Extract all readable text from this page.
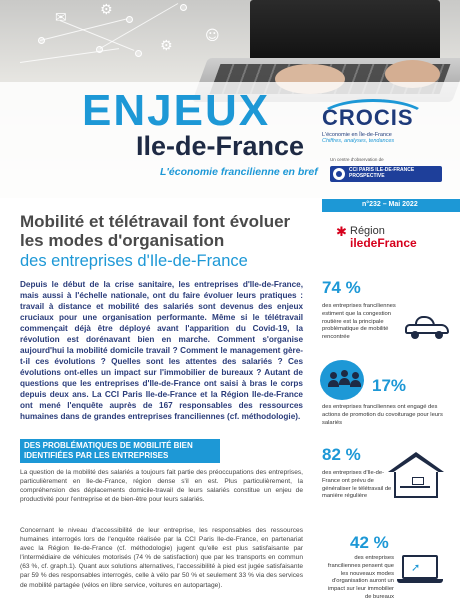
⚙
⚙
✉
☺
ENJEUX
Ile-de-France
L'économie francilienne en bref
CROCIS
L'économie en Île-de-France
Chiffres, analyses, tendances
Un centre d'observation de
CCI PARIS ILE-DE-FRANCE
PROSPECTIVE
n°232 – Mai 2022
Mobilité et télétravail font évoluer les modes d'organisation
des entreprises d'Ile-de-France
✱ Région
iledeFrance
Depuis le début de la crise sanitaire, les entreprises d'Ile-de-France, mais aussi à l'échelle nationale, ont du faire évoluer leurs pratiques : travail à distance et mobilité des salariés sont devenus des enjeux cruciaux pour une organisation performante. Même si le télétravail commençait déjà être déployé avant l'apparition du Covid-19, la révolution est dorénavant bien en marche. Comment s'organise aujourd'hui la mobilité domicile travail ? Comment le management gère-t-il ces évolutions ? Quelles sont les attentes des salariés ? Ces évolutions ont-elles un impact sur l'immobilier de bureaux ? Autant de questions que les entreprises d'Ile-de-France ont saisi à bras le corps depuis deux ans. La CCI Paris Ile-de-France et la Région Ile-de-France ont mené l'enquête auprès de 167 responsables des ressources humaines dans de grandes entreprises franciliennes (cf. méthodologie).
DES PROBLÉMATIQUES DE MOBILITÉ BIEN IDENTIFIÉES PAR LES ENTREPRISES
La question de la mobilité des salariés a toujours fait partie des préoccupations des entreprises, particulièrement en Ile-de-France, région dense s'il en est. Plus particulièrement, la compréhension des déplacements domicile-travail de leurs salariés constitue un enjeu de productivité pour l'entreprise et de bien-être pour leurs salariés.
Concernant le niveau d'accessibilité de leur entreprise, les responsables des ressources humaines interrogés lors de l'enquête réalisée par la CCI Paris Ile-de-France, en partenariat avec la Région Ile-de-France (cf. méthodologie) jugent qu'elle est plus satisfaisante par l'intermédiaire de véhicules motorisés (74 % de satisfaction) que par les transports en commun (63 %, cf. graph.1). Quant aux solutions alternatives, l'accessibilité à pied est jugée satisfaisante par 59 % des responsables interrogés, celle à vélo par 50 % et seulement 33 % via des services de mobilité partagée (vélos en libre service, voitures en autopartage).
74 %
des entreprises franciliennes estiment que la congestion routière est la principale problématique de mobilité rencontrée
17%
des entreprises franciliennes ont engagé des actions de promotion du covoiturage pour leurs salariés
82 %
des entreprises d'Ile-de-France ont prévu de généraliser le télétravail de manière régulière
42 %
des entreprises franciliennes pensent que les nouveaux modes d'organisation auront un impact sur leur immobilier de bureaux
➚
